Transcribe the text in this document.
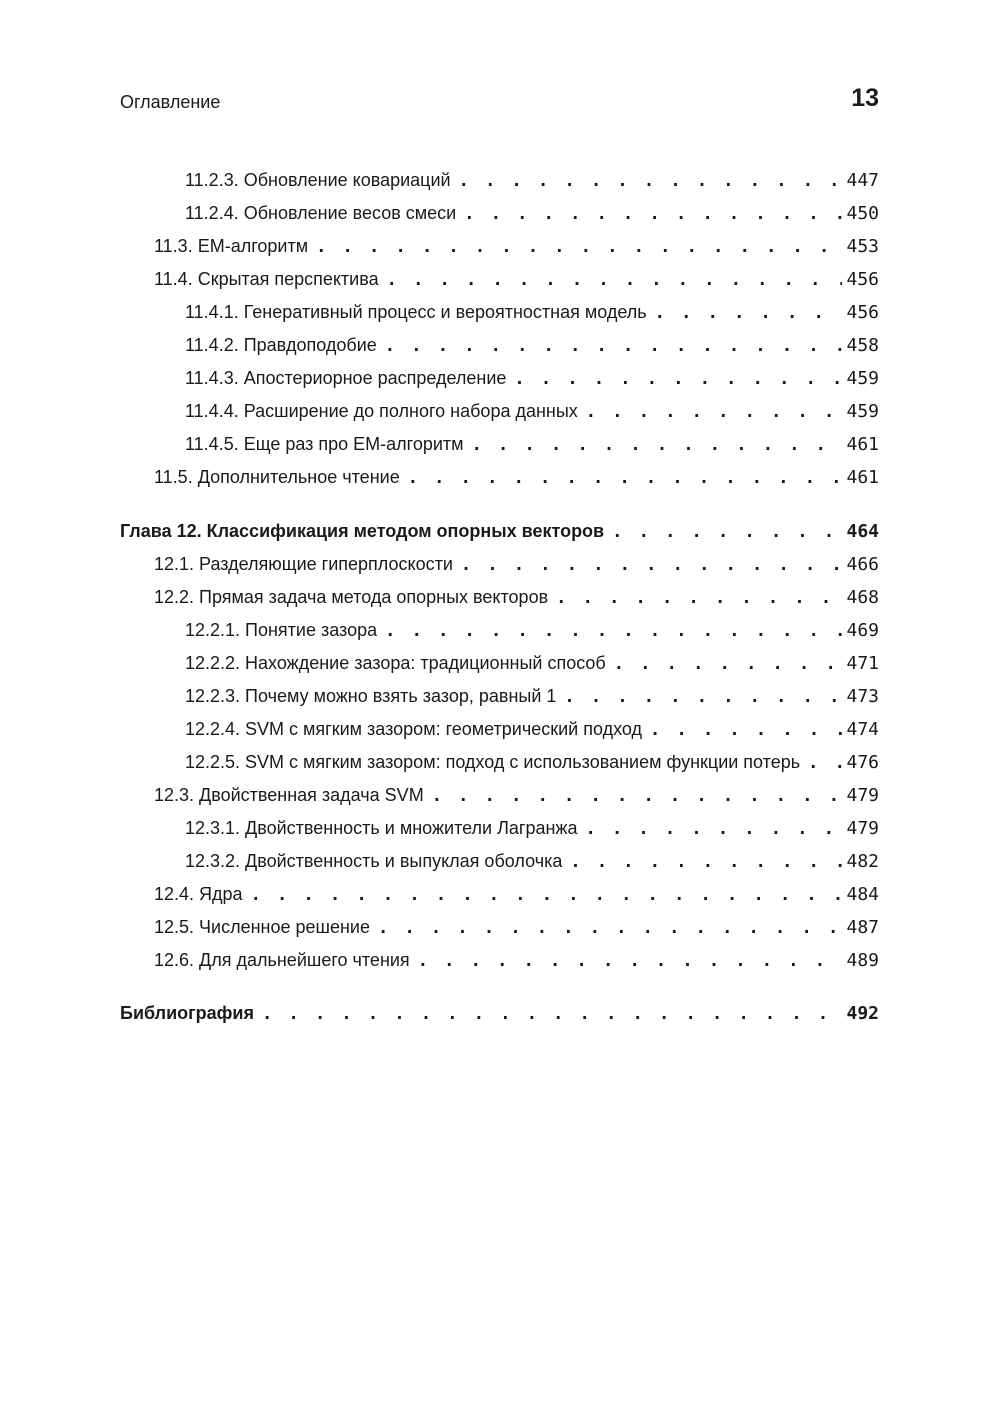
Оглавление	13
11.2.3. Обновление ковариаций . . .	447
11.2.4. Обновление весов смеси . . .	450
11.3. EM-алгоритм . . .	453
11.4. Скрытая перспектива . . .	456
11.4.1. Генеративный процесс и вероятностная модель . . .	456
11.4.2. Правдоподобие . . .	458
11.4.3. Апостериорное распределение . . .	459
11.4.4. Расширение до полного набора данных . . .	459
11.4.5. Еще раз про EM-алгоритм . . .	461
11.5. Дополнительное чтение . . .	461
Глава 12. Классификация методом опорных векторов . . .	464
12.1. Разделяющие гиперплоскости . . .	466
12.2. Прямая задача метода опорных векторов . . .	468
12.2.1. Понятие зазора . . .	469
12.2.2. Нахождение зазора: традиционный способ . . .	471
12.2.3. Почему можно взять зазор, равный 1 . . .	473
12.2.4. SVM с мягким зазором: геометрический подход . . .	474
12.2.5. SVM с мягким зазором: подход с использованием функции потерь . . .	476
12.3. Двойственная задача SVM . . .	479
12.3.1. Двойственность и множители Лагранжа . . .	479
12.3.2. Двойственность и выпуклая оболочка . . .	482
12.4. Ядра . . .	484
12.5. Численное решение . . .	487
12.6. Для дальнейшего чтения . . .	489
Библиография . . .	492
